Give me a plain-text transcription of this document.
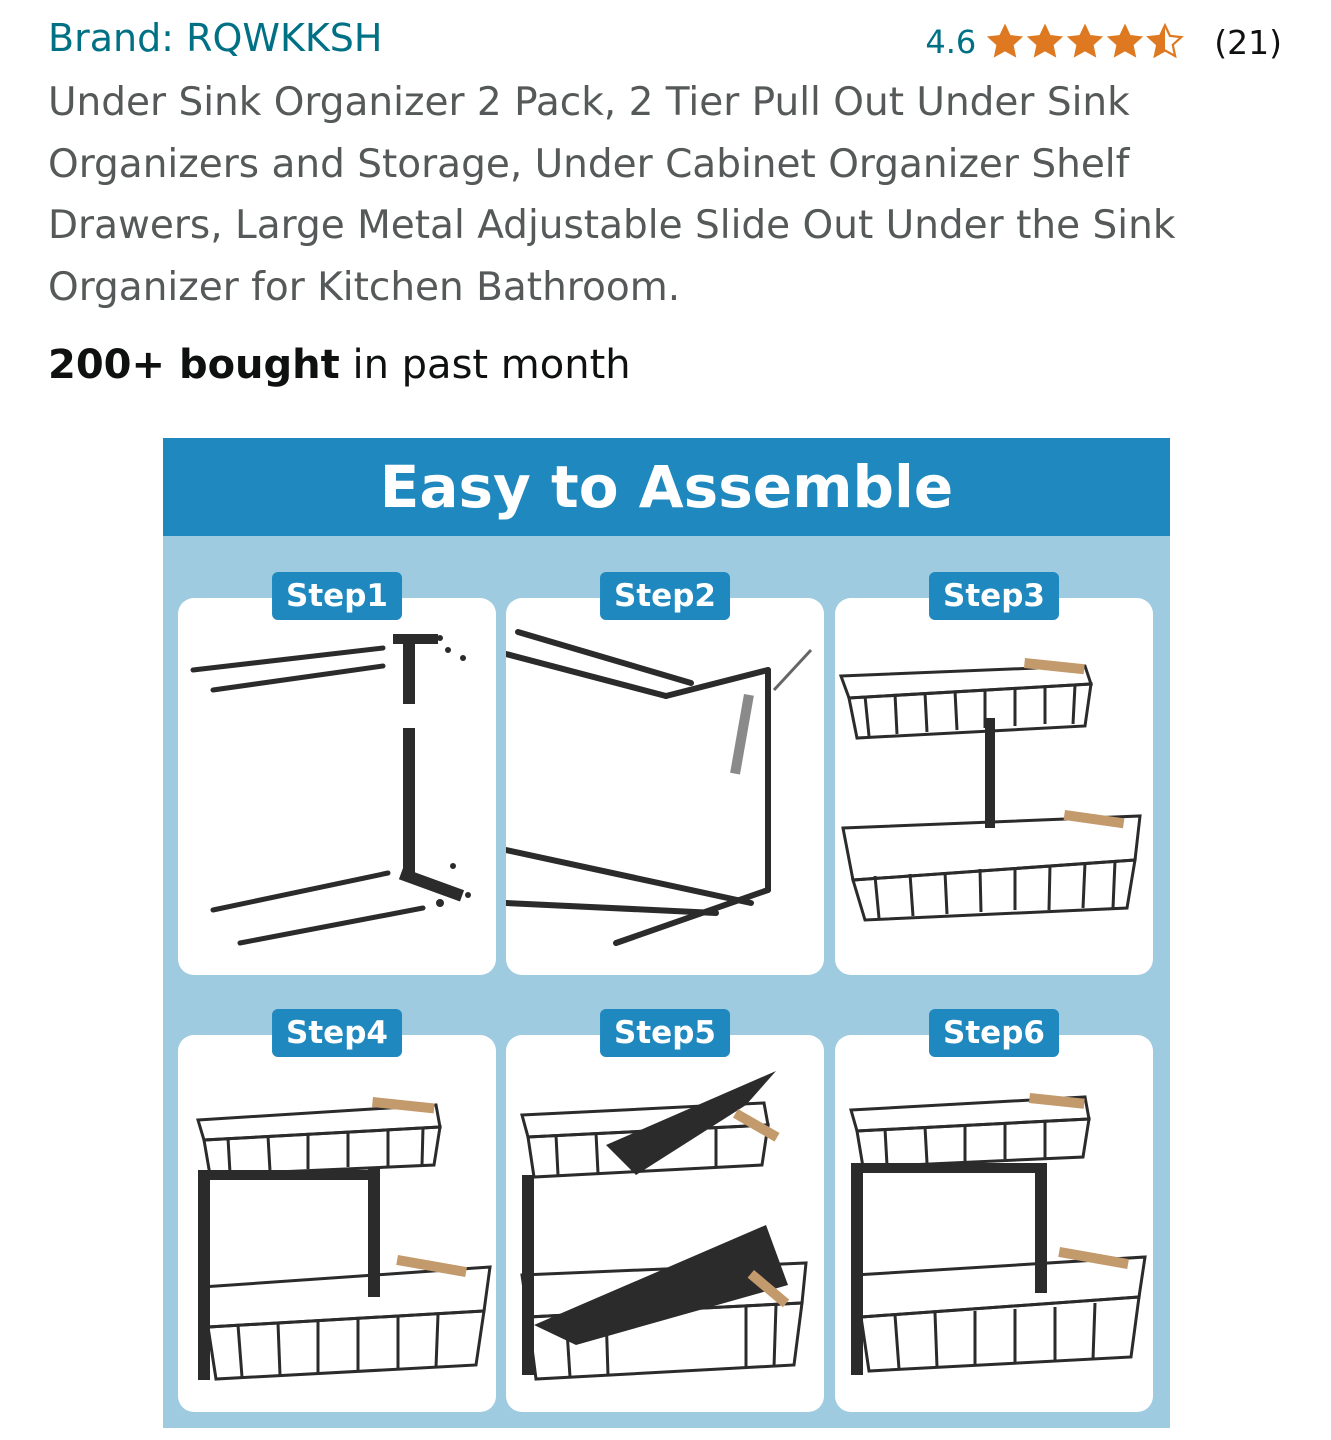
Brand: RQWKKSH	4.6	(21)
Under Sink Organizer 2 Pack, 2 Tier Pull Out Under Sink Organizers and Storage, Under Cabinet Organizer Shelf Drawers, Large Metal Adjustable Slide Out Under the Sink Organizer for Kitchen Bathroom.
200+ bought in past month
Easy to Assemble
Step1	Step2	Step3
Step4	Step5	Step6
